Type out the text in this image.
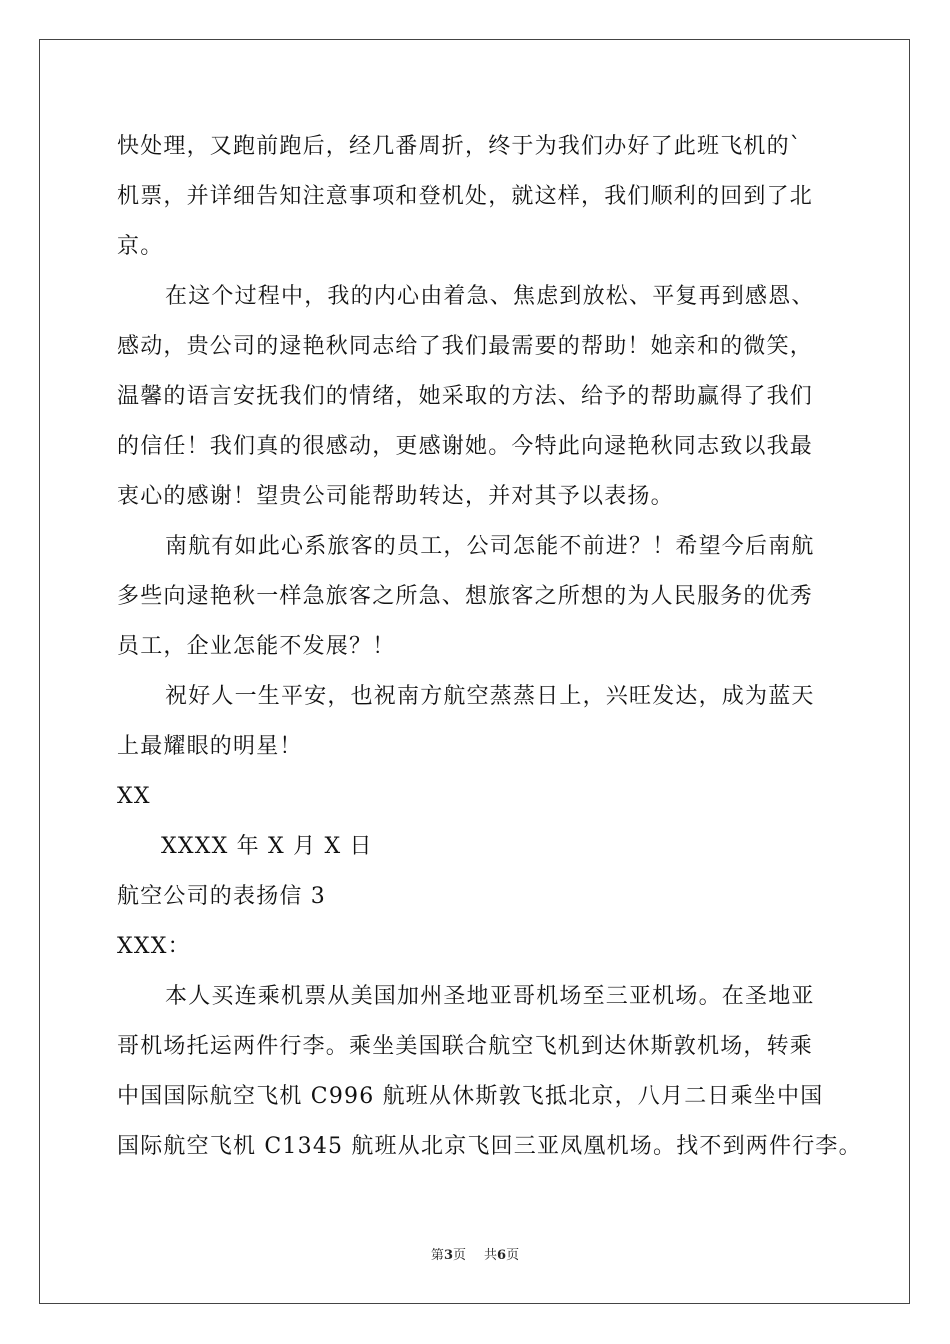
快处理，又跑前跑后，经几番周折，终于为我们办好了此班飞机的`
机票，并详细告知注意事项和登机处，就这样，我们顺利的回到了北
京。
在这个过程中，我的内心由着急、焦虑到放松、平复再到感恩、
感动，贵公司的逯艳秋同志给了我们最需要的帮助！她亲和的微笑，
温馨的语言安抚我们的情绪，她采取的方法、给予的帮助赢得了我们
的信任！我们真的很感动，更感谢她。今特此向逯艳秋同志致以我最
衷心的感谢！望贵公司能帮助转达，并对其予以表扬。
南航有如此心系旅客的员工，公司怎能不前进？！希望今后南航
多些向逯艳秋一样急旅客之所急、想旅客之所想的为人民服务的优秀
员工，企业怎能不发展？！
祝好人一生平安，也祝南方航空蒸蒸日上，兴旺发达，成为蓝天
上最耀眼的明星！
XX
XXXX 年 X 月 X 日
航空公司的表扬信 3
XXX：
本人买连乘机票从美国加州圣地亚哥机场至三亚机场。在圣地亚
哥机场托运两件行李。乘坐美国联合航空飞机到达休斯敦机场，转乘
中国国际航空飞机 C996 航班从休斯敦飞抵北京，八月二日乘坐中国
国际航空飞机 C1345 航班从北京飞回三亚凤凰机场。找不到两件行李。
第3页 共6页
